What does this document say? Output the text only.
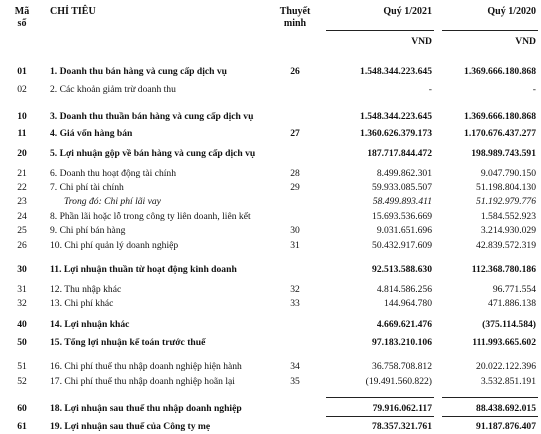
Mã
số
CHỈ TIÊU	Thuyết
minh
Quý 1/2021	Quý 1/2020
VND	VND
01	1. Doanh thu bán hàng và cung cấp dịch vụ	26	1.548.344.223.645	1.369.666.180.868
02	2. Các khoản giảm trừ doanh thu	-	-
10	3. Doanh thu thuần bán hàng và cung cấp dịch vụ	1.548.344.223.645	1.369.666.180.868
11	4. Giá vốn hàng bán	27	1.360.626.379.173	1.170.676.437.277
20	5. Lợi nhuận gộp về bán hàng và cung cấp dịch vụ	187.717.844.472	198.989.743.591
21	6. Doanh thu hoạt động tài chính	28	8.499.862.301	9.047.790.150
22	7. Chi phí tài chính	29	59.933.085.507	51.198.804.130
23	Trong đó: Chi phí lãi vay	58.499.893.411	51.192.979.776
24	8. Phần lãi hoặc lỗ trong công ty liên doanh, liên kết	15.693.536.669	1.584.552.923
25	9. Chi phí bán hàng	30	9.031.651.696	3.214.930.029
26	10. Chi phí quản lý doanh nghiệp	31	50.432.917.609	42.839.572.319
30	11. Lợi nhuận thuần từ hoạt động kinh doanh	92.513.588.630	112.368.780.186
31	12. Thu nhập khác	32	4.814.586.256	96.771.554
32	13. Chi phí khác	33	144.964.780	471.886.138
40	14. Lợi nhuận khác	4.669.621.476	(375.114.584)
50	15. Tổng lợi nhuận kế toán trước thuế	97.183.210.106	111.993.665.602
51	16. Chi phí thuế thu nhập doanh nghiệp hiện hành	34	36.758.708.812	20.022.122.396
52	17. Chi phí thuế thu nhập doanh nghiệp hoãn lại	35	(19.491.560.822)	3.532.851.191
60	18. Lợi nhuận sau thuế thu nhập doanh nghiệp	79.916.062.117	88.438.692.015
61	19. Lợi nhuận sau thuế của Công ty mẹ	78.357.321.761	91.187.876.407
